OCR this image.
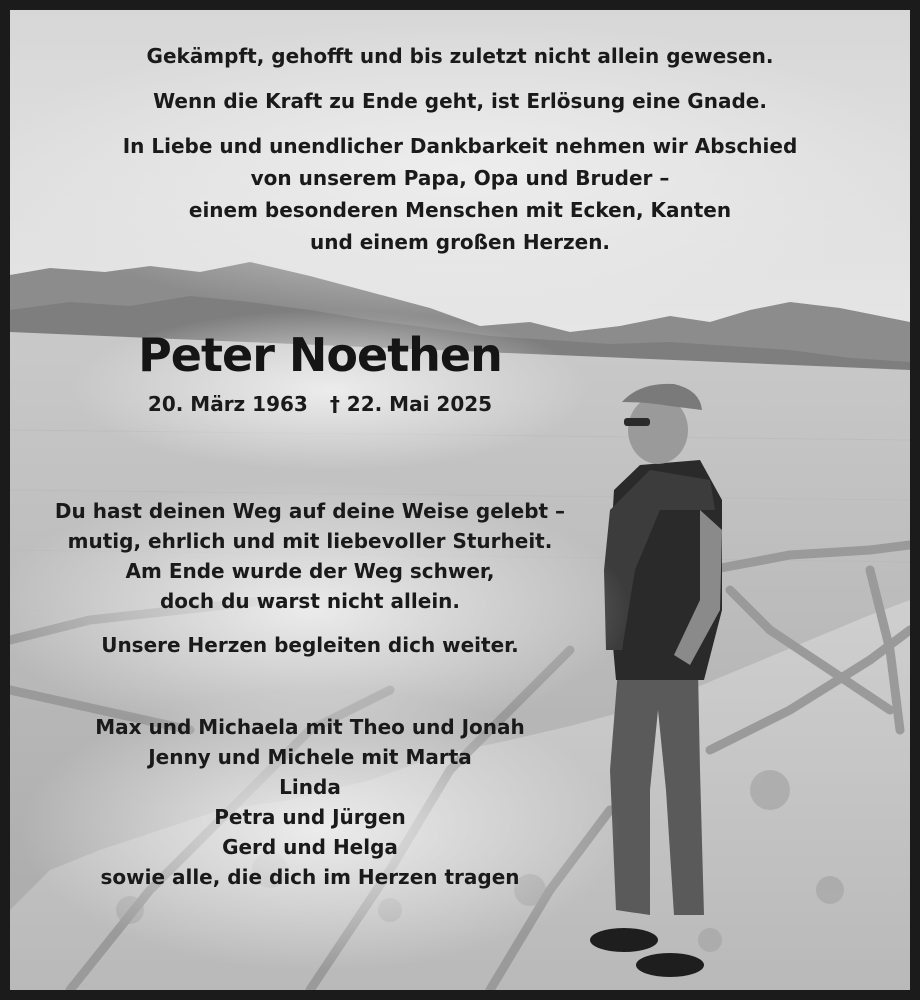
Gekämpft, gehofft und bis zuletzt nicht allein gewesen.
Wenn die Kraft zu Ende geht, ist Erlösung eine Gnade.
In Liebe und unendlicher Dankbarkeit nehmen wir Abschied
von unserem Papa, Opa und Bruder –
einem besonderen Menschen mit Ecken, Kanten
und einem großen Herzen.
Peter Noethen
20. März 1963 † 22. Mai 2025
Du hast deinen Weg auf deine Weise gelebt –
mutig, ehrlich und mit liebevoller Sturheit.
Am Ende wurde der Weg schwer,
doch du warst nicht allein.
Unsere Herzen begleiten dich weiter.
Max und Michaela mit Theo und Jonah
Jenny und Michele mit Marta
Linda
Petra und Jürgen
Gerd und Helga
sowie alle, die dich im Herzen tragen
